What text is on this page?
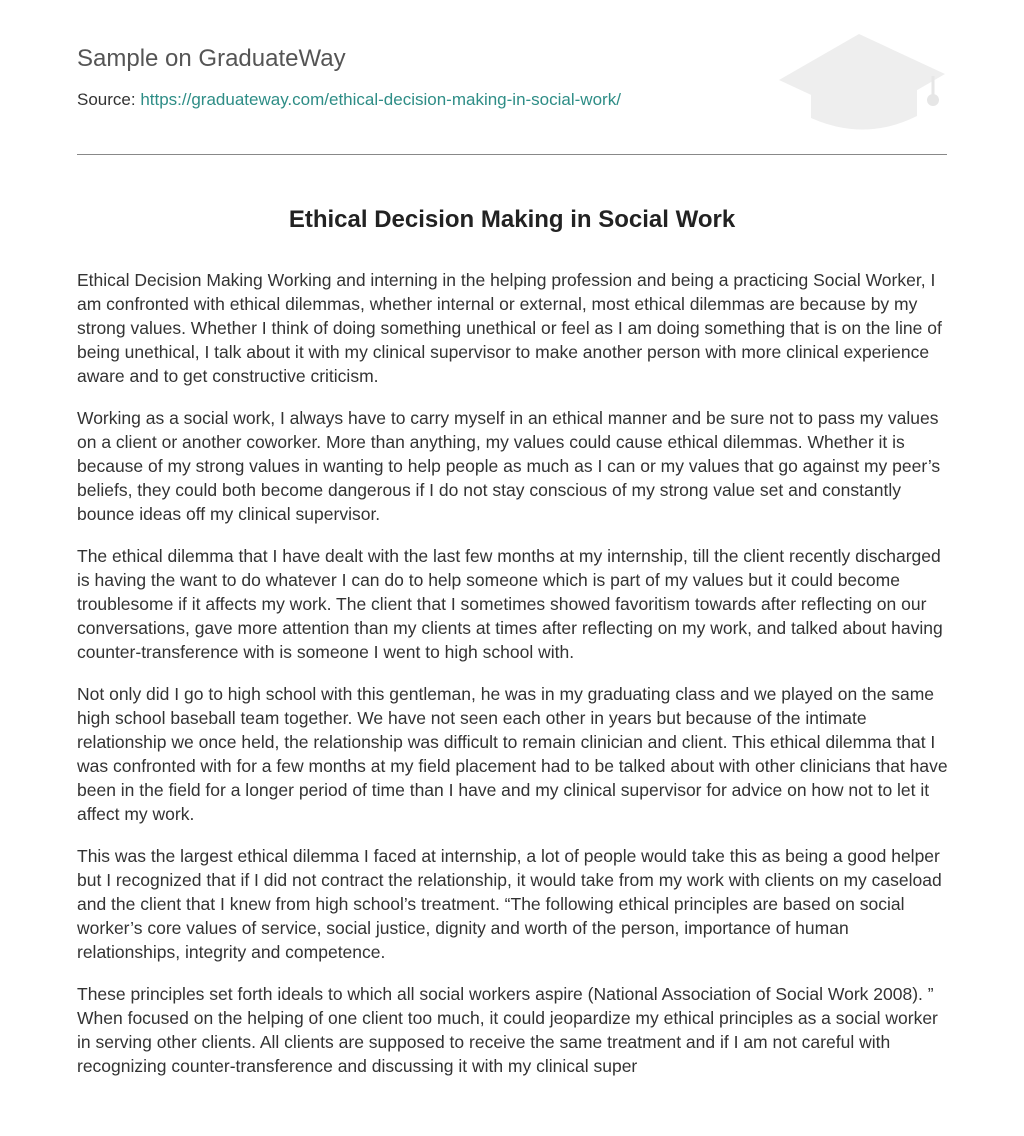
Sample on GraduateWay
Source: https://graduateway.com/ethical-decision-making-in-social-work/
Ethical Decision Making in Social Work

Ethical Decision Making Working and interning in the helping profession and being a practicing Social Worker, I am confronted with ethical dilemmas, whether internal or external, most ethical dilemmas are because by my strong values. Whether I think of doing something unethical or feel as I am doing something that is on the line of being unethical, I talk about it with my clinical supervisor to make another person with more clinical experience aware and to get constructive criticism.

Working as a social work, I always have to carry myself in an ethical manner and be sure not to pass my values on a client or another coworker. More than anything, my values could cause ethical dilemmas. Whether it is because of my strong values in wanting to help people as much as I can or my values that go against my peer’s beliefs, they could both become dangerous if I do not stay conscious of my strong value set and constantly bounce ideas off my clinical supervisor.

The ethical dilemma that I have dealt with the last few months at my internship, till the client recently discharged is having the want to do whatever I can do to help someone which is part of my values but it could become troublesome if it affects my work. The client that I sometimes showed favoritism towards after reflecting on our conversations, gave more attention than my clients at times after reflecting on my work, and talked about having counter-transference with is someone I went to high school with.

Not only did I go to high school with this gentleman, he was in my graduating class and we played on the same high school baseball team together. We have not seen each other in years but because of the intimate relationship we once held, the relationship was difficult to remain clinician and client. This ethical dilemma that I was confronted with for a few months at my field placement had to be talked about with other clinicians that have been in the field for a longer period of time than I have and my clinical supervisor for advice on how not to let it affect my work.

This was the largest ethical dilemma I faced at internship, a lot of people would take this as being a good helper but I recognized that if I did not contract the relationship, it would take from my work with clients on my caseload and the client that I knew from high school’s treatment. “The following ethical principles are based on social worker’s core values of service, social justice, dignity and worth of the person, importance of human relationships, integrity and competence.

These principles set forth ideals to which all social workers aspire (National Association of Social Work 2008). ” When focused on the helping of one client too much, it could jeopardize my ethical principles as a social worker in serving other clients. All clients are supposed to receive the same treatment and if I am not careful with recognizing counter-transference and discussing it with my clinical super
